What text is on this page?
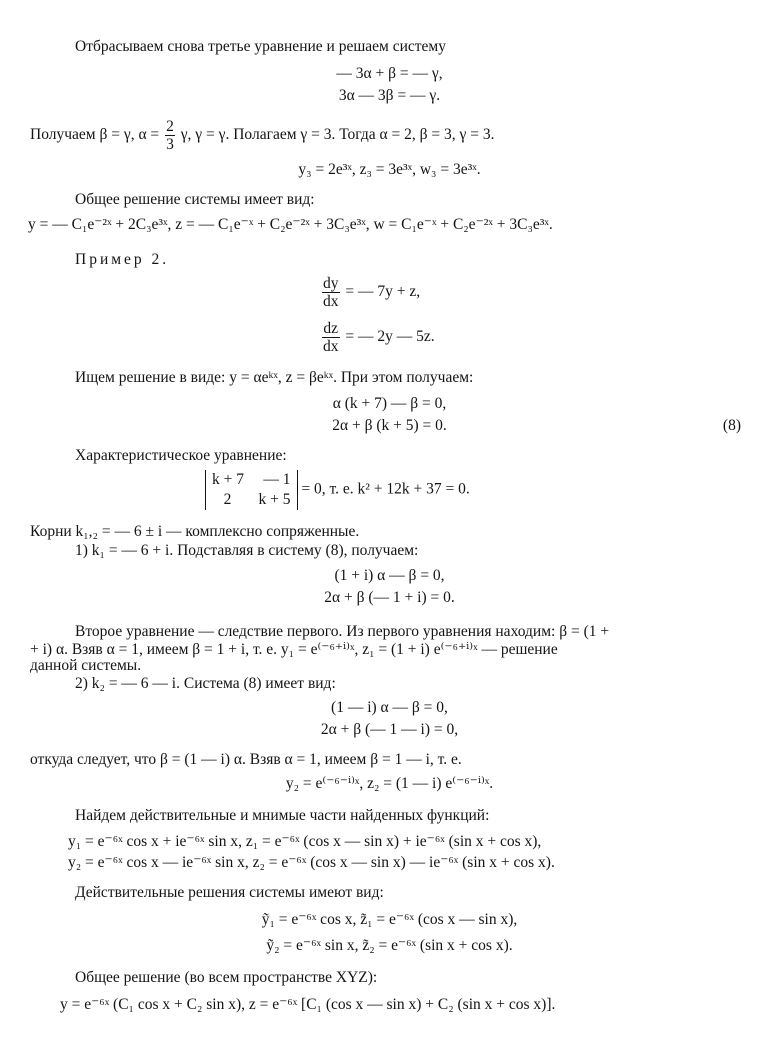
Отбрасываем снова третье уравнение и решаем систему
— 3α + β = — γ,
3α — 3β = — γ.
Получаем β = γ, $\alpha = \frac{2}{3} \gamma$, γ = γ. Полагаем γ = 3. Тогда α = 2, β = 3, γ = 3.
y₃ = 2e³ˣ, z₃ = 3e³ˣ, w₃ = 3e³ˣ.
Общее решение системы имеет вид:
y = — C₁e⁻²ˣ + 2C₃e³ˣ, z = — C₁e⁻ˣ + C₂e⁻²ˣ + 3C₃e³ˣ, w = C₁e⁻ˣ + C₂e⁻²ˣ + 3C₃e³ˣ.
Пример 2.
$\frac{dy}{dx}$ = — 7y + z,
$\frac{dz}{dx}$ = — 2y — 5z.
Ищем решение в виде: y = αeᵏˣ, z = βeᵏˣ. При этом получаем:
α (k + 7) — β = 0,
2α + β (k + 5) = 0.	(8)
Характеристическое уравнение:
k + 7     — 1
2       k + 5
= 0, т. е. k² + 12k + 37 = 0.
Корни k₁,₂ = — 6 ± i — комплексно сопряженные.
1) k₁ = — 6 + i. Подставляя в систему (8), получаем:
(1 + i) α — β = 0,
2α + β (— 1 + i) = 0.
Второе уравнение — следствие первого. Из первого уравнения находим: β = (1 +
+ i) α. Взяв α = 1, имеем β = 1 + i, т. е. y₁ = e⁽⁻⁶⁺ⁱ⁾ˣ, z₁ = (1 + i) e⁽⁻⁶⁺ⁱ⁾ˣ — решение
данной системы.
2) k₂ = — 6 — i. Система (8) имеет вид:
(1 — i) α — β = 0,
2α + β (— 1 — i) = 0,
откуда следует, что β = (1 — i) α. Взяв α = 1, имеем β = 1 — i, т. е.
y₂ = e⁽⁻⁶⁻ⁱ⁾ˣ, z₂ = (1 — i) e⁽⁻⁶⁻ⁱ⁾ˣ.
Найдем действительные и мнимые части найденных функций:
y₁ = e⁻⁶ˣ cos x + ie⁻⁶ˣ sin x, z₁ = e⁻⁶ˣ (cos x — sin x) + ie⁻⁶ˣ (sin x + cos x),
y₂ = e⁻⁶ˣ cos x — ie⁻⁶ˣ sin x, z₂ = e⁻⁶ˣ (cos x — sin x) — ie⁻⁶ˣ (sin x + cos x).
Действительные решения системы имеют вид:
ỹ₁ = e⁻⁶ˣ cos x, z̃₁ = e⁻⁶ˣ (cos x — sin x),
ỹ₂ = e⁻⁶ˣ sin x, z̃₂ = e⁻⁶ˣ (sin x + cos x).
Общее решение (во всем пространстве XYZ):
y = e⁻⁶ˣ (C₁ cos x + C₂ sin x), z = e⁻⁶ˣ [C₁ (cos x — sin x) + C₂ (sin x + cos x)].
